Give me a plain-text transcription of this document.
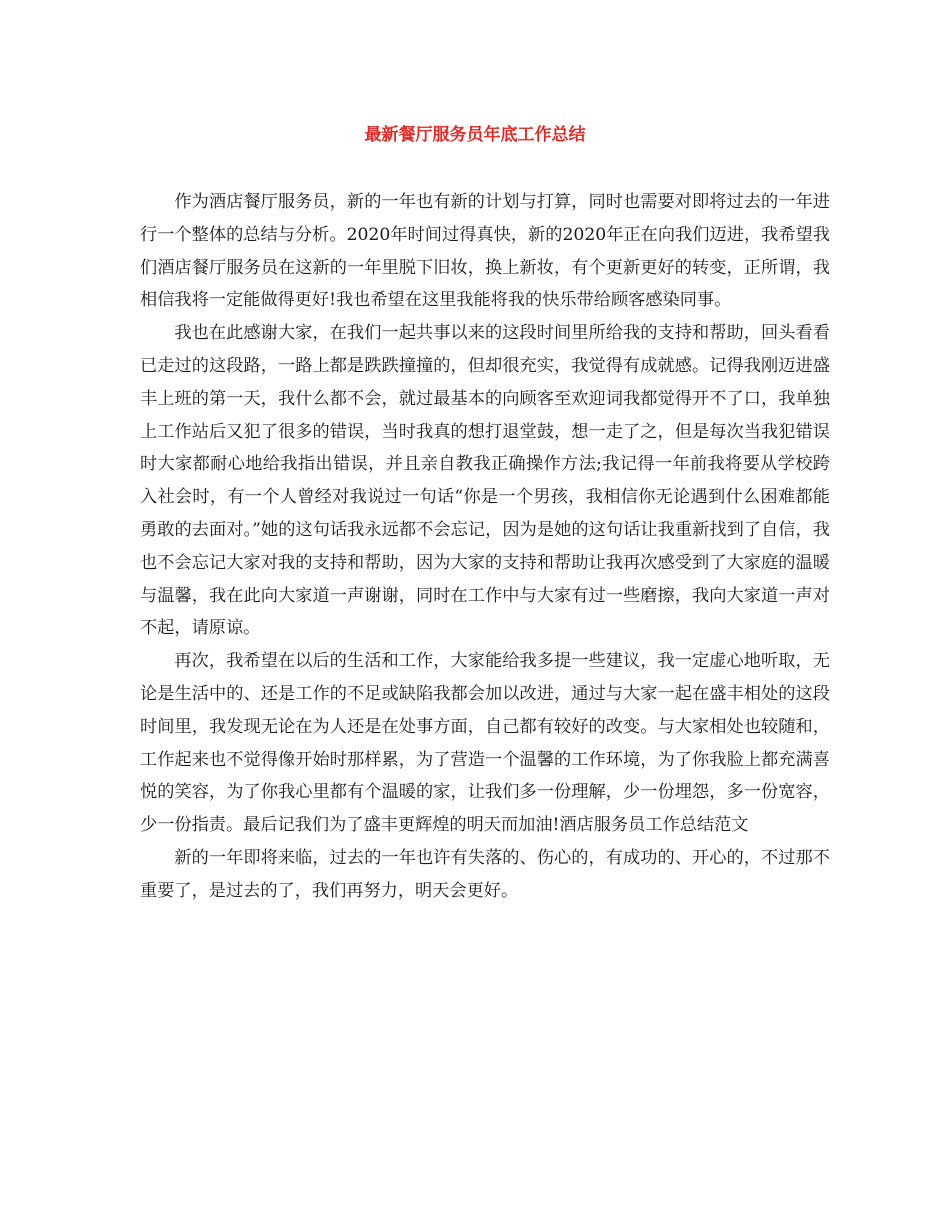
最新餐厅服务员年底工作总结

作为酒店餐厅服务员，新的一年也有新的计划与打算，同时也需要对即将过去的一年进行一个整体的总结与分析。2020年时间过得真快，新的2020年正在向我们迈进，我希望我们酒店餐厅服务员在这新的一年里脱下旧妆，换上新妆，有个更新更好的转变，正所谓，我相信我将一定能做得更好!我也希望在这里我能将我的快乐带给顾客感染同事。

我也在此感谢大家，在我们一起共事以来的这段时间里所给我的支持和帮助，回头看看已走过的这段路，一路上都是跌跌撞撞的，但却很充实，我觉得有成就感。记得我刚迈进盛丰上班的第一天，我什么都不会，就过最基本的向顾客至欢迎词我都觉得开不了口，我单独上工作站后又犯了很多的错误，当时我真的想打退堂鼓，想一走了之，但是每次当我犯错误时大家都耐心地给我指出错误，并且亲自教我正确操作方法;我记得一年前我将要从学校跨入社会时，有一个人曾经对我说过一句话“你是一个男孩，我相信你无论遇到什么困难都能勇敢的去面对。”她的这句话我永远都不会忘记，因为是她的这句话让我重新找到了自信，我也不会忘记大家对我的支持和帮助，因为大家的支持和帮助让我再次感受到了大家庭的温暖与温馨，我在此向大家道一声谢谢，同时在工作中与大家有过一些磨擦，我向大家道一声对不起，请原谅。

再次，我希望在以后的生活和工作，大家能给我多提一些建议，我一定虚心地听取，无论是生活中的、还是工作的不足或缺陷我都会加以改进，通过与大家一起在盛丰相处的这段时间里，我发现无论在为人还是在处事方面，自己都有较好的改变。与大家相处也较随和，工作起来也不觉得像开始时那样累，为了营造一个温馨的工作环境，为了你我脸上都充满喜悦的笑容，为了你我心里都有个温暖的家，让我们多一份理解，少一份埋怨，多一份宽容，少一份指责。最后记我们为了盛丰更辉煌的明天而加油!酒店服务员工作总结范文

新的一年即将来临，过去的一年也许有失落的、伤心的，有成功的、开心的，不过那不重要了，是过去的了，我们再努力，明天会更好。
